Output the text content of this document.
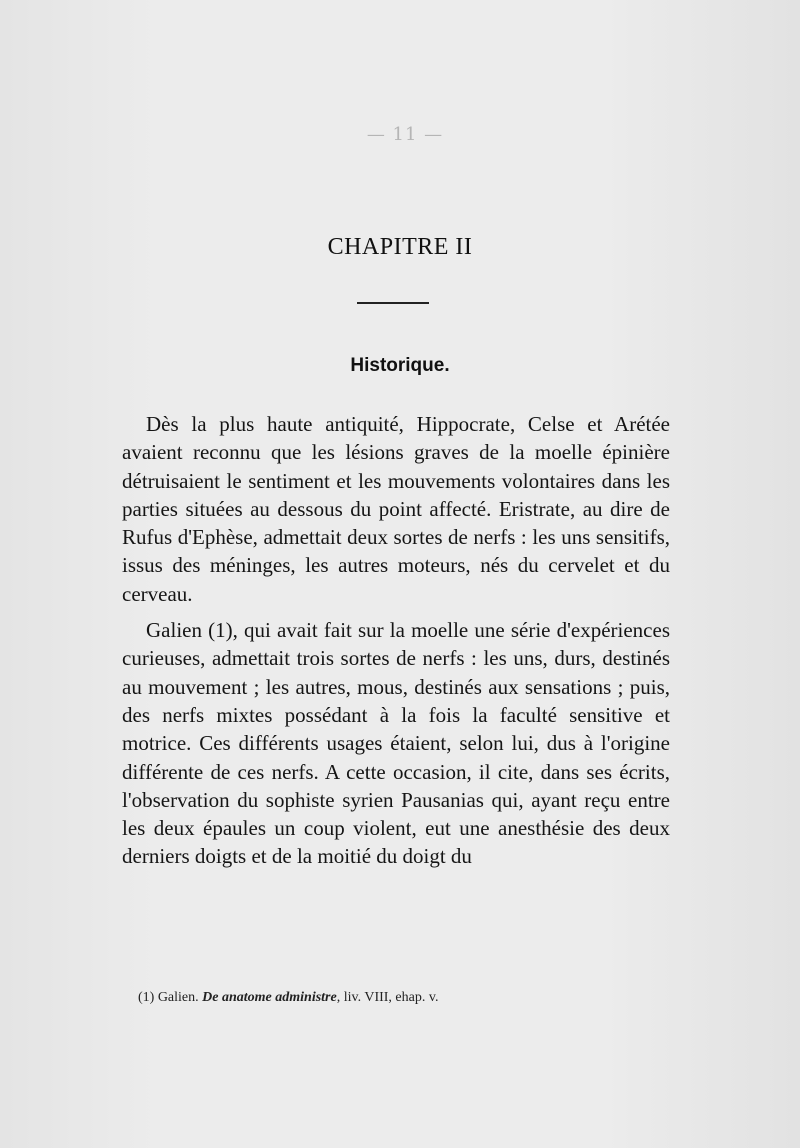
— 11 —
CHAPITRE II
Historique.

Dès la plus haute antiquité, Hippocrate, Celse et Arétée avaient reconnu que les lésions graves de la moelle épinière détruisaient le sentiment et les mouvements volontaires dans les parties situées au dessous du point affecté. Eristrate, au dire de Rufus d'Ephèse, admettait deux sortes de nerfs : les uns sensitifs, issus des méninges, les autres moteurs, nés du cervelet et du cerveau.

Galien (1), qui avait fait sur la moelle une série d'expériences curieuses, admettait trois sortes de nerfs : les uns, durs, destinés au mouvement ; les autres, mous, destinés aux sensations ; puis, des nerfs mixtes possédant à la fois la faculté sensitive et motrice. Ces différents usages étaient, selon lui, dus à l'origine différente de ces nerfs. A cette occasion, il cite, dans ses écrits, l'observation du sophiste syrien Pausanias qui, ayant reçu entre les deux épaules un coup violent, eut une anesthésie des deux derniers doigts et de la moitié du doigt du

(1) Galien. De anatome administre, liv. VIII, ehap. v.
